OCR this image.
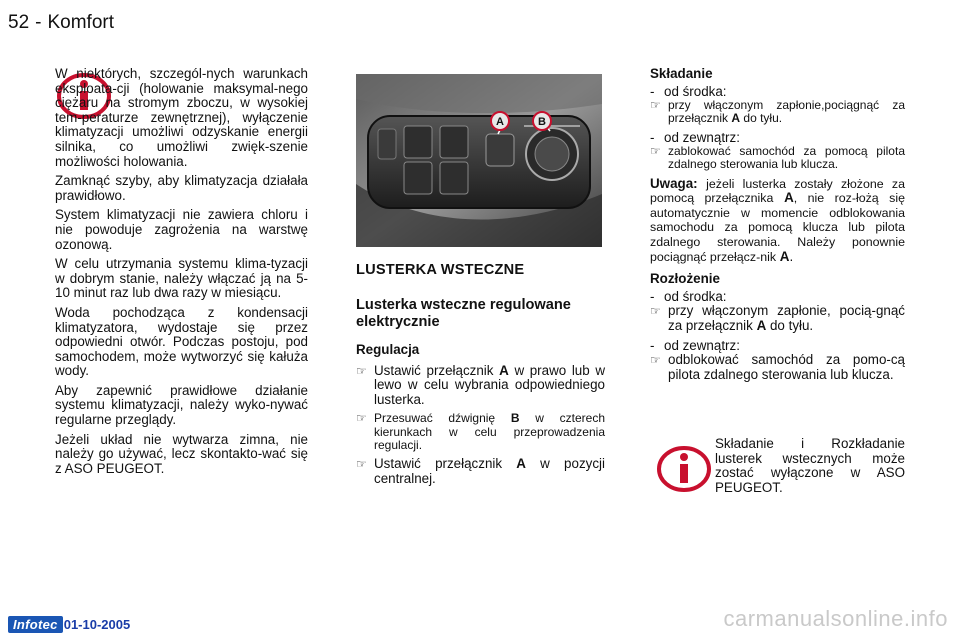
52 - Komfort

W niektórych, szczegól-nych warunkach eksploata-cji (holowanie maksymal-nego ciężaru na stromym zboczu, w wysokiej tem-peraturze zewnętrznej), wyłączenie klimatyzacji umożliwi odzyskanie energii silnika, co umożliwi zwięk-szenie możliwości holowania.

Zamknąć szyby, aby klimatyzacja działała prawidłowo.

System klimatyzacji nie zawiera chloru i nie powoduje zagrożenia na warstwę ozonową.

W celu utrzymania systemu klima-tyzacji w dobrym stanie, należy włączać ją na 5-10 minut raz lub dwa razy w miesiącu.

Woda pochodząca z kondensacji klimatyzatora, wydostaje się przez odpowiedni otwór. Podczas postoju, pod samochodem, może wytworzyć się kałuża wody.

Aby zapewnić prawidłowe działanie systemu klimatyzacji, należy wyko-nywać regularne przeglądy.

Jeżeli układ nie wytwarza zimna, nie należy go używać, lecz skontakto-wać się z ASO PEUGEOT.

A	B
LUSTERKA WSTECZNE
Lusterka wsteczne regulowane elektrycznie

Regulacja

☞ Ustawić przełącznik A w prawo lub w lewo w celu wybrania odpowiedniego lusterka.
☞ Przesuwać dźwignię B w czterech kierunkach w celu przeprowadzenia regulacji.
☞ Ustawić przełącznik A w pozycji centralnej.

Składanie

- od środka:
☞ przy włączonym zapłonie,pociągnąć za przełącznik A do tyłu.
- od zewnątrz:
☞ zablokować samochód za pomocą pilota zdalnego sterowania lub klucza.

Uwaga: jeżeli lusterka zostały złożone za pomocą przełącznika A, nie roz-łożą się automatycznie w momencie odblokowania samochodu za pomocą klucza lub pilota zdalnego sterowania. Należy ponownie pociągnąć przełącz-nik A.

Rozłożenie

- od środka:
☞ przy włączonym zapłonie, pocią-gnąć za przełącznik A do tyłu.
- od zewnątrz:
☞ odblokować samochód za pomo-cą pilota zdalnego sterowania lub klucza.
Składanie i Rozkładanie lusterek wstecznych może zostać wyłączone w ASO PEUGEOT.
Infotec 01-10-2005	carmanualsonline.info
